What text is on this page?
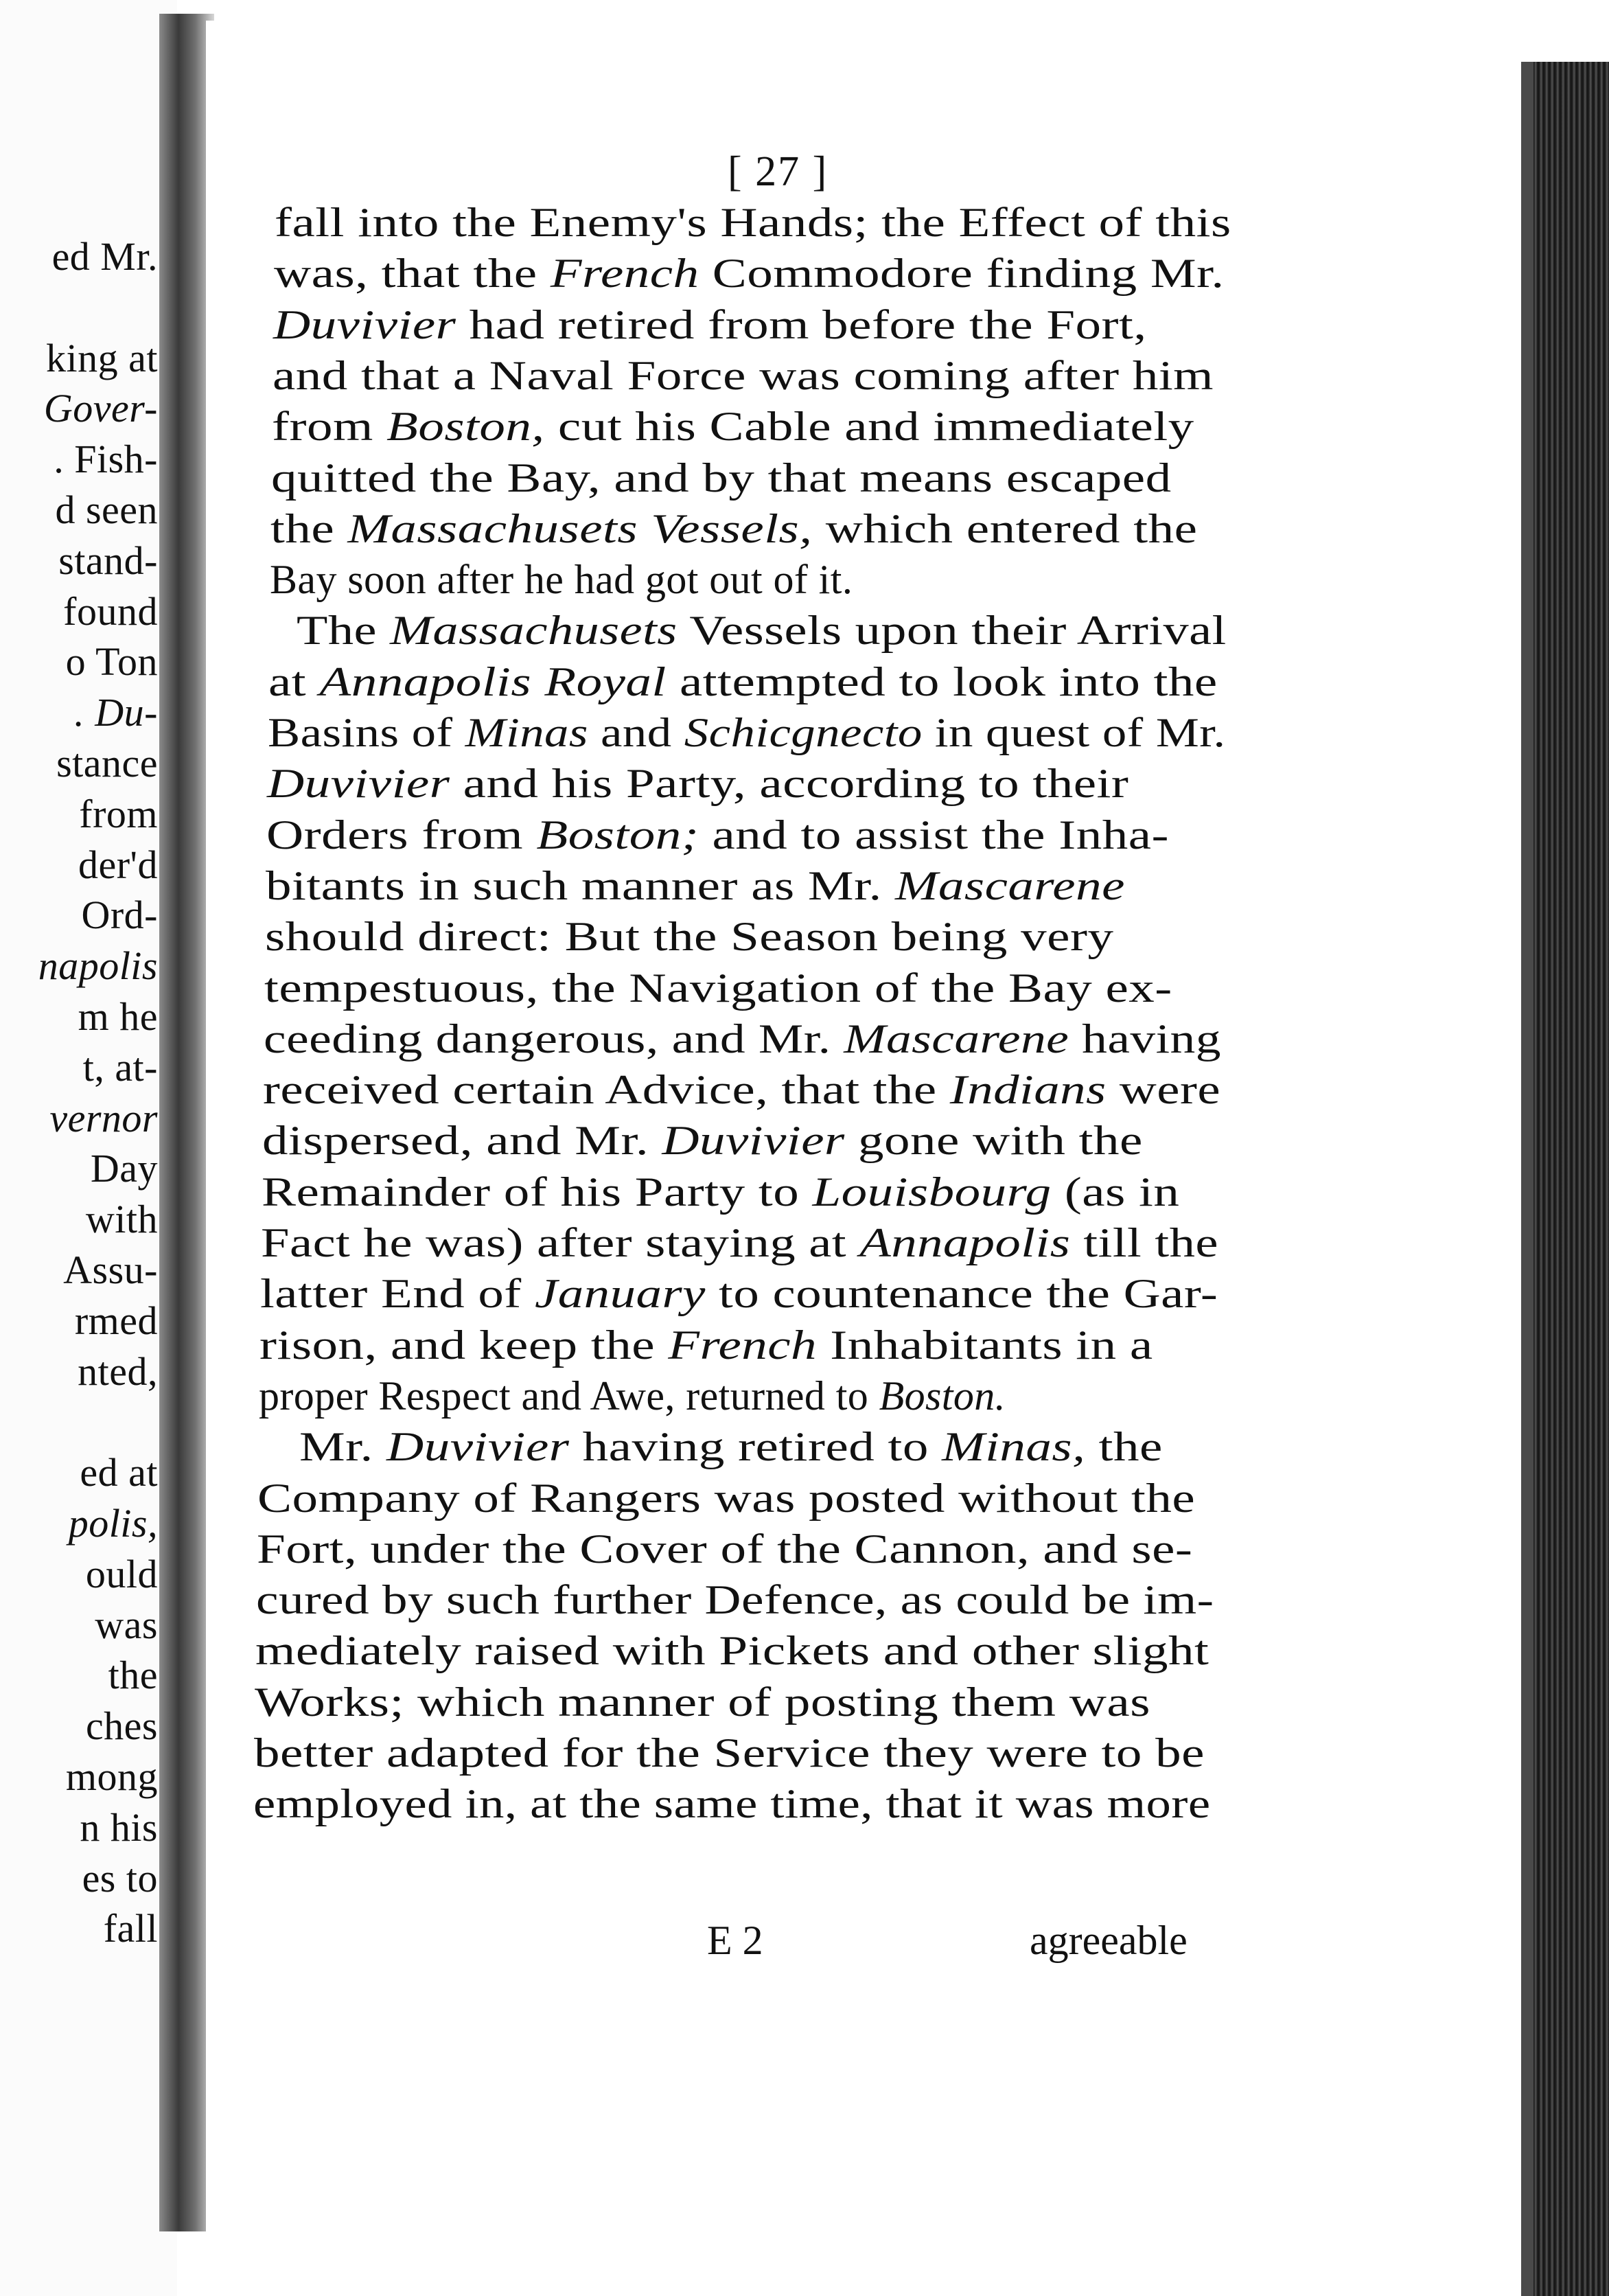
ed Mr.
king at
Gover-
. Fish-
d seen
stand-
found
o Ton
. Du-
stance
from
der'd
Ord-
napolis
m he
t, at-
vernor
Day
with
Assu-
rmed
nted,
ed at
polis,
ould
was
the
ches
mong
n his
es to
fall
[ 27 ]
fall into the Enemy's Hands; the Effect of this
was, that the French Commodore finding Mr.
Duvivier had retired from before the Fort,
and that a Naval Force was coming after him
from Boston, cut his Cable and immediately
quitted the Bay, and by that means escaped
the Massachusets Vessels, which entered the
Bay soon after he had got out of it.
The Massachusets Vessels upon their Arrival
at Annapolis Royal attempted to look into the
Basins of Minas and Schicgnecto in quest of Mr.
Duvivier and his Party, according to their
Orders from Boston; and to assist the Inha-
bitants in such manner as Mr. Mascarene
should direct: But the Season being very
tempestuous, the Navigation of the Bay ex-
ceeding dangerous, and Mr. Mascarene having
received certain Advice, that the Indians were
dispersed, and Mr. Duvivier gone with the
Remainder of his Party to Louisbourg (as in
Fact he was) after staying at Annapolis till the
latter End of January to countenance the Gar-
rison, and keep the French Inhabitants in a
proper Respect and Awe, returned to Boston.
Mr. Duvivier having retired to Minas, the
Company of Rangers was posted without the
Fort, under the Cover of the Cannon, and se-
cured by such further Defence, as could be im-
mediately raised with Pickets and other slight
Works; which manner of posting them was
better adapted for the Service they were to be
employed in, at the same time, that it was more
E 2	agreeable
